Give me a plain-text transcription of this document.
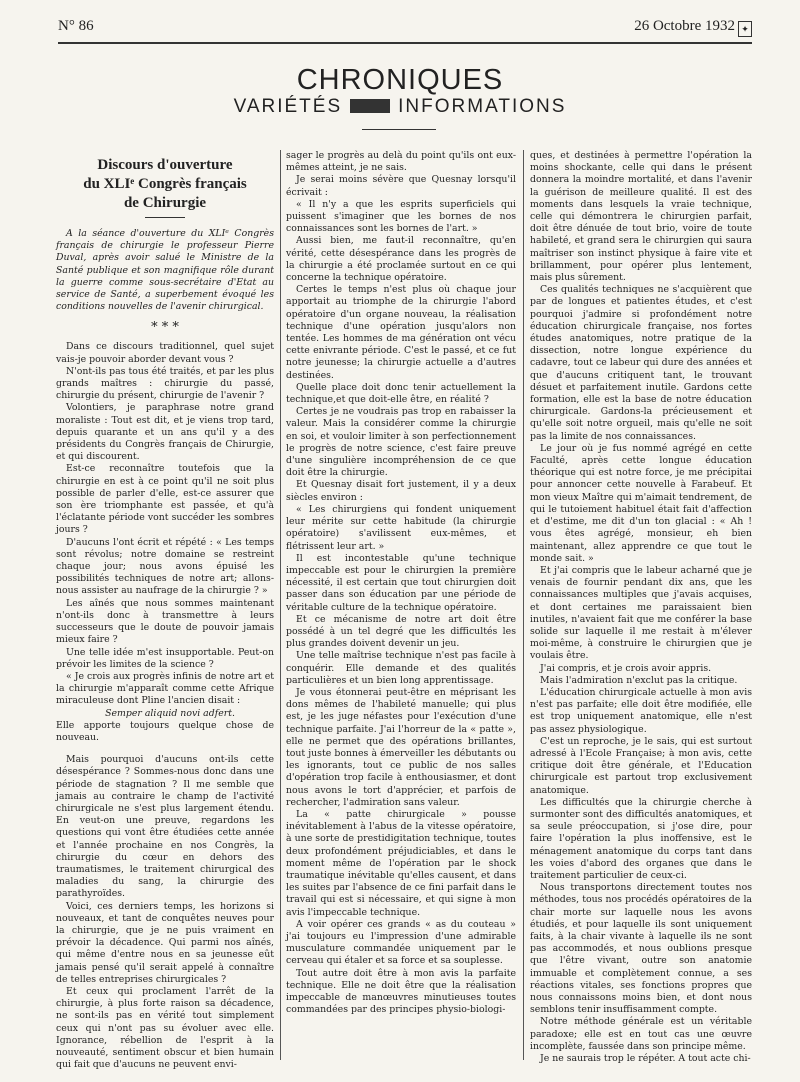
N° 86	26 Octobre 1932 ✦
CHRONIQUES
VARIÉTÉS	INFORMATIONS
Discours d'ouverture
du XLIᵉ Congrès français
de Chirurgie

A la séance d'ouverture du XLIᵉ Congrès français de chirurgie le professeur Pierre Duval, après avoir salué le Ministre de la Santé publique et son magnifique rôle durant la guerre comme sous-secrétaire d'Etat au service de Santé, a superbement évoqué les conditions nouvelles de l'avenir chirurgical.

* * *

Dans ce discours traditionnel, quel sujet vais-je pouvoir aborder devant vous ?

N'ont-ils pas tous été traités, et par les plus grands maîtres : chirurgie du passé, chirurgie du présent, chirurgie de l'avenir ?

Volontiers, je paraphrase notre grand moraliste : Tout est dit, et je viens trop tard, depuis quarante et un ans qu'il y a des présidents du Congrès français de Chirurgie, et qui discourent.

Est-ce reconnaître toutefois que la chirurgie en est à ce point qu'il ne soit plus possible de parler d'elle, est-ce assurer que son ère triomphante est passée, et qu'à l'éclatante période vont succéder les sombres jours ?

D'aucuns l'ont écrit et répété : « Les temps sont révolus; notre domaine se restreint chaque jour; nous avons épuisé les possibilités techniques de notre art; allons-nous assister au naufrage de la chirurgie ? »

Les aînés que nous sommes maintenant n'ont-ils donc à transmettre à leurs successeurs que le doute de pouvoir jamais mieux faire ?

Une telle idée m'est insupportable. Peut-on prévoir les limites de la science ?

« Je crois aux progrès infinis de notre art et la chirurgie m'apparaît comme cette Afrique miraculeuse dont Pline l'ancien disait :

Semper aliquid novi adfert.

Elle apporte toujours quelque chose de nouveau.

Mais pourquoi d'aucuns ont-ils cette désespérance ? Sommes-nous donc dans une période de stagnation ? Il me semble que jamais au contraire le champ de l'activité chirurgicale ne s'est plus largement étendu. En veut-on une preuve, regardons les questions qui vont être étudiées cette année et l'année prochaine en nos Congrès, la chirurgie du cœur en dehors des traumatismes, le traitement chirurgical des maladies du sang, la chirurgie des parathyroïdes.

Voici, ces derniers temps, les horizons si nouveaux, et tant de conquêtes neuves pour la chirurgie, que je ne puis vraiment en prévoir la décadence. Qui parmi nos aînés, qui même d'entre nous en sa jeunesse eût jamais pensé qu'il serait appelé à connaître de telles entreprises chirurgicales ?

Et ceux qui proclament l'arrêt de la chirurgie, à plus forte raison sa décadence, ne sont-ils pas en vérité tout simplement ceux qui n'ont pas su évoluer avec elle. Ignorance, rébellion de l'esprit à la nouveauté, sentiment obscur et bien humain qui fait que d'aucuns ne peuvent envi-

sager le progrès au delà du point qu'ils ont eux-mêmes atteint, je ne sais.

Je serai moins sévère que Quesnay lorsqu'il écrivait :

« Il n'y a que les esprits superficiels qui puissent s'imaginer que les bornes de nos connaissances sont les bornes de l'art. »

Aussi bien, me faut-il reconnaître, qu'en vérité, cette désespérance dans les progrès de la chirurgie a été proclamée surtout en ce qui concerne la technique opératoire.

Certes le temps n'est plus où chaque jour apportait au triomphe de la chirurgie l'abord opératoire d'un organe nouveau, la réalisation technique d'une opération jusqu'alors non tentée. Les hommes de ma génération ont vécu cette enivrante période. C'est le passé, et ce fut notre jeunesse; la chirurgie actuelle a d'autres destinées.

Quelle place doit donc tenir actuellement la technique,et que doit-elle être, en réalité ?

Certes je ne voudrais pas trop en rabaisser la valeur. Mais la considérer comme la chirurgie en soi, et vouloir limiter à son perfectionnement le progrès de notre science, c'est faire preuve d'une singulière incompréhension de ce que doit être la chirurgie.

Et Quesnay disait fort justement, il y a deux siècles environ :

« Les chirurgiens qui fondent uniquement leur mérite sur cette habitude (la chirurgie opératoire) s'avilissent eux-mêmes, et flétrissent leur art. »

Il est incontestable qu'une technique impeccable est pour le chirurgien la première nécessité, il est certain que tout chirurgien doit passer dans son éducation par une période de véritable culture de la technique opératoire.

Et ce mécanisme de notre art doit être possédé à un tel degré que les difficultés les plus grandes doivent devenir un jeu.

Une telle maîtrise technique n'est pas facile à conquérir. Elle demande et des qualités particulières et un bien long apprentissage.

Je vous étonnerai peut-être en méprisant les dons mêmes de l'habileté manuelle; qui plus est, je les juge néfastes pour l'exécution d'une technique parfaite. J'ai l'horreur de la « patte », elle ne permet que des opérations brillantes, tout juste bonnes à émerveiller les débutants ou les ignorants, tout ce public de nos salles d'opération trop facile à enthousiasmer, et dont nous avons le tort d'apprécier, et parfois de rechercher, l'admiration sans valeur.

La « patte chirurgicale » pousse inévitablement à l'abus de la vitesse opératoire, à une sorte de prestidigitation technique, toutes deux profondément préjudiciables, et dans le moment même de l'opération par le shock traumatique inévitable qu'elles causent, et dans les suites par l'absence de ce fini parfait dans le travail qui est si nécessaire, et qui signe à mon avis l'impeccable technique.

A voir opérer ces grands « as du couteau » j'ai toujours eu l'impression d'une admirable musculature commandée uniquement par le cerveau qui étaler et sa force et sa souplesse.

Tout autre doit être à mon avis la parfaite technique. Elle ne doit être que la réalisation impeccable de manœuvres minutieuses toutes commandées par des principes physio-biologi-

ques, et destinées à permettre l'opération la moins shockante, celle qui dans le présent donnera la moindre mortalité, et dans l'avenir la guérison de meilleure qualité. Il est des moments dans lesquels la vraie technique, celle qui démontrera le chirurgien parfait, doit être dénuée de tout brio, voire de toute habileté, et grand sera le chirurgien qui saura maîtriser son instinct physique à faire vite et brillamment, pour opérer plus lentement, mais plus sûrement.

Ces qualités techniques ne s'acquièrent que par de longues et patientes études, et c'est pourquoi j'admire si profondément notre éducation chirurgicale française, nos fortes études anatomiques, notre pratique de la dissection, notre longue expérience du cadavre, tout ce labeur qui dure des années et que d'aucuns critiquent tant, le trouvant désuet et parfaitement inutile. Gardons cette formation, elle est la base de notre éducation chirurgicale. Gardons-la précieusement et qu'elle soit notre orgueil, mais qu'elle ne soit pas la limite de nos connaissances.

Le jour où je fus nommé agrégé en cette Faculté, après cette longue éducation théorique qui est notre force, je me précipitai pour annoncer cette nouvelle à Farabeuf. Et mon vieux Maître qui m'aimait tendrement, de qui le tutoiement habituel était fait d'affection et d'estime, me dit d'un ton glacial : « Ah ! vous êtes agrégé, monsieur, eh bien maintenant, allez apprendre ce que tout le monde sait. »

Et j'ai compris que le labeur acharné que je venais de fournir pendant dix ans, que les connaissances multiples que j'avais acquises, et dont certaines me paraissaient bien inutiles, n'avaient fait que me conférer la base solide sur laquelle il me restait à m'élever moi-même, à construire le chirurgien que je voulais être.

J'ai compris, et je crois avoir appris.

Mais l'admiration n'exclut pas la critique.

L'éducation chirurgicale actuelle à mon avis n'est pas parfaite; elle doit être modifiée, elle est trop uniquement anatomique, elle n'est pas assez physiologique.

C'est un reproche, je le sais, qui est surtout adressé à l'Ecole Française; à mon avis, cette critique doit être générale, et l'Education chirurgicale est partout trop exclusivement anatomique.

Les difficultés que la chirurgie cherche à surmonter sont des difficultés anatomiques, et sa seule préoccupation, si j'ose dire, pour faire l'opération la plus inoffensive, est le ménagement anatomique du corps tant dans les voies d'abord des organes que dans le traitement particulier de ceux-ci.

Nous transportons directement toutes nos méthodes, tous nos procédés opératoires de la chair morte sur laquelle nous les avons étudiés, et pour laquelle ils sont uniquement faits, à la chair vivante à laquelle ils ne sont pas accommodés, et nous oublions presque que l'être vivant, outre son anatomie immuable et complètement connue, a ses réactions vitales, ses fonctions propres que nous connaissons moins bien, et dont nous semblons tenir insuffisamment compte.

Notre méthode générale est un véritable paradoxe; elle est en tout cas une œuvre incomplète, faussée dans son principe même.

Je ne saurais trop le répéter. A tout acte chi-
